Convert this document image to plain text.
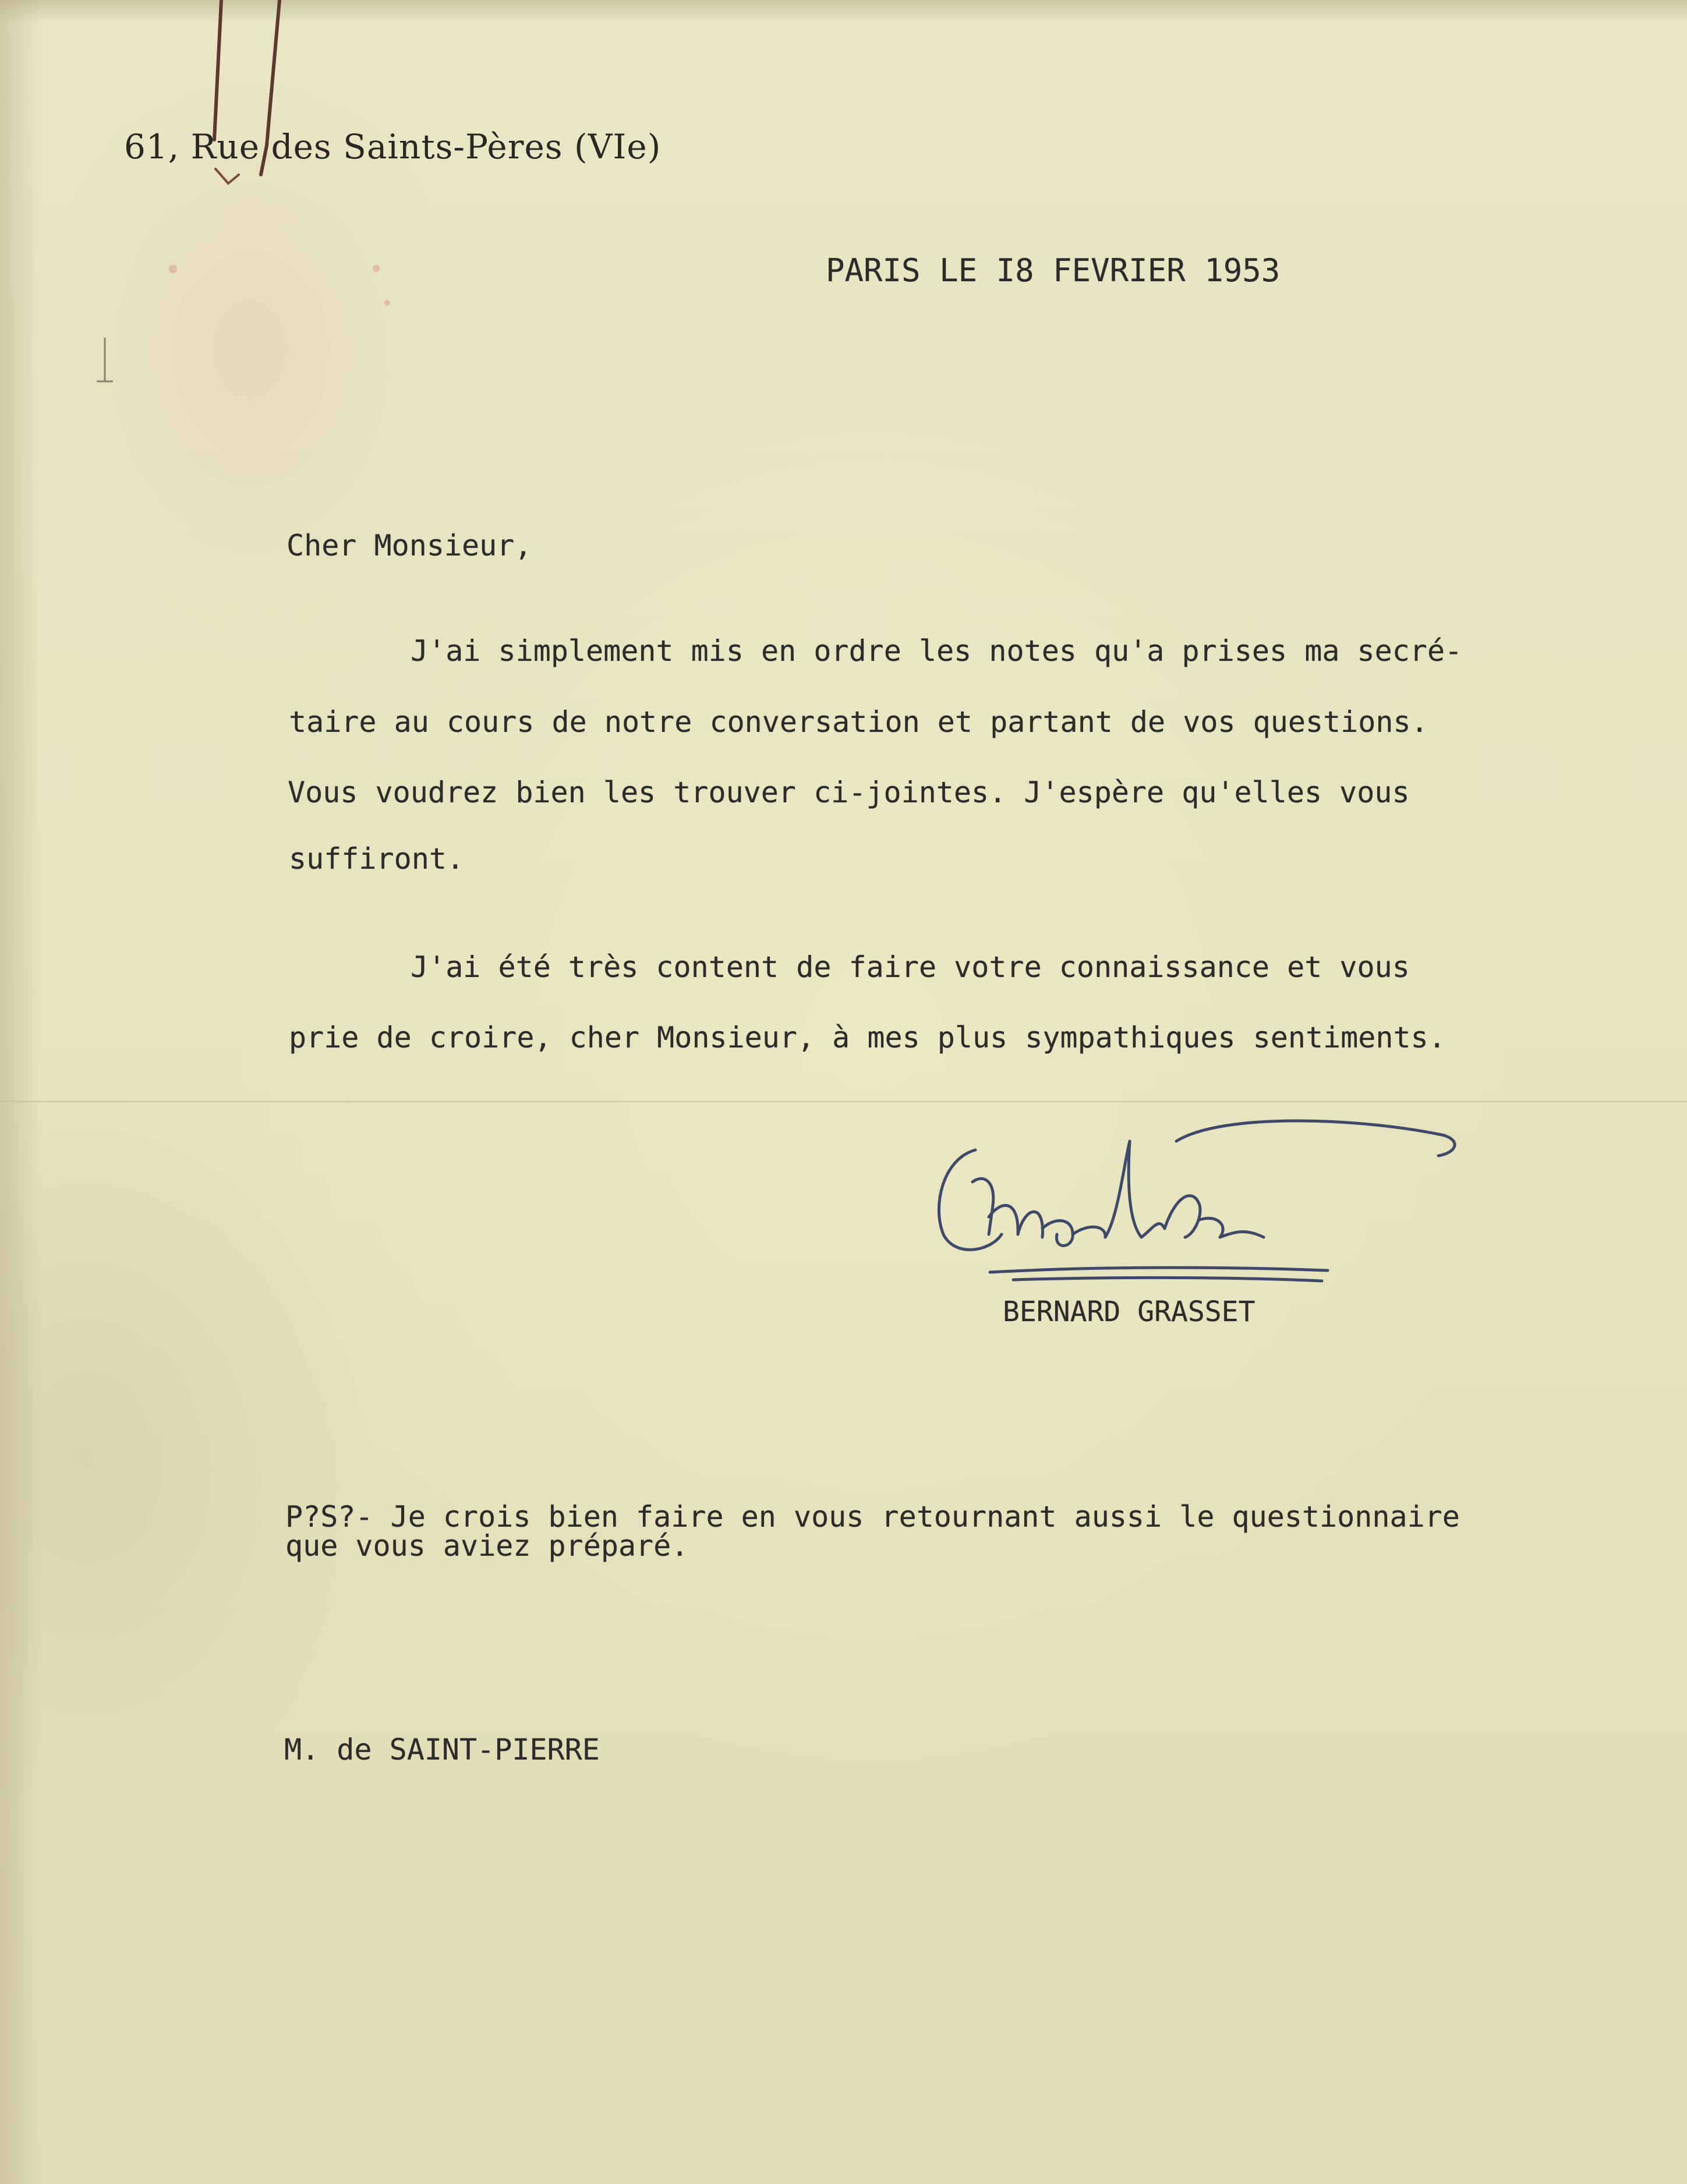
61, Rue des Saints-Pères (VIe)
PARIS LE I8 FEVRIER 1953
Cher Monsieur,
J'ai simplement mis en ordre les notes qu'a prises ma secré-
taire au cours de notre conversation et partant de vos questions.
Vous voudrez bien les trouver ci-jointes. J'espère qu'elles vous
suffiront.
J'ai été très content de faire votre connaissance et vous
prie de croire, cher Monsieur, à mes plus sympathiques sentiments.
BERNARD GRASSET
P?S?- Je crois bien faire en vous retournant aussi le questionnaire
que vous aviez préparé.
M. de SAINT-PIERRE
